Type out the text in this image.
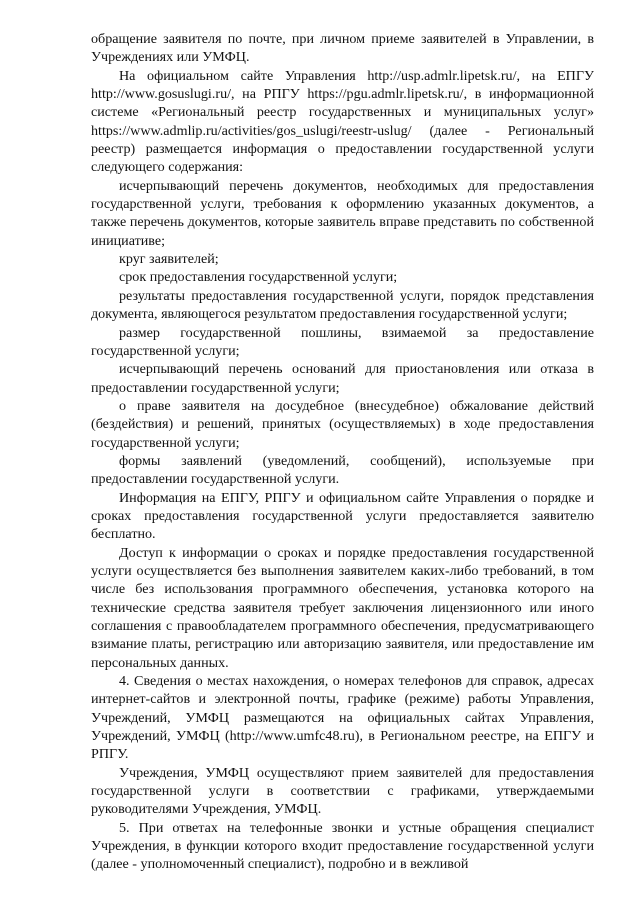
обращение заявителя по почте, при личном приеме заявителей в Управлении, в Учреждениях или УМФЦ.

На официальном сайте Управления http://usp.admlr.lipetsk.ru/, на ЕПГУ http://www.gosuslugi.ru/, на РПГУ https://pgu.admlr.lipetsk.ru/, в информационной системе «Региональный реестр государственных и муниципальных услуг» https://www.admlip.ru/activities/gos_uslugi/reestr-uslug/ (далее - Региональный реестр) размещается информация о предоставлении государственной услуги следующего содержания:

исчерпывающий перечень документов, необходимых для предоставления государственной услуги, требования к оформлению указанных документов, а также перечень документов, которые заявитель вправе представить по собственной инициативе;

круг заявителей;

срок предоставления государственной услуги;

результаты предоставления государственной услуги, порядок представления документа, являющегося результатом предоставления государственной услуги;

размер государственной пошлины, взимаемой за предоставление государственной услуги;

исчерпывающий перечень оснований для приостановления или отказа в предоставлении государственной услуги;

о праве заявителя на досудебное (внесудебное) обжалование действий (бездействия) и решений, принятых (осуществляемых) в ходе предоставления государственной услуги;

формы заявлений (уведомлений, сообщений), используемые при предоставлении государственной услуги.

Информация на ЕПГУ, РПГУ и официальном сайте Управления о порядке и сроках предоставления государственной услуги предоставляется заявителю бесплатно.

Доступ к информации о сроках и порядке предоставления государственной услуги осуществляется без выполнения заявителем каких-либо требований, в том числе без использования программного обеспечения, установка которого на технические средства заявителя требует заключения лицензионного или иного соглашения с правообладателем программного обеспечения, предусматривающего взимание платы, регистрацию или авторизацию заявителя, или предоставление им персональных данных.

4. Сведения о местах нахождения, о номерах телефонов для справок, адресах интернет-сайтов и электронной почты, графике (режиме) работы Управления, Учреждений, УМФЦ размещаются на официальных сайтах Управления, Учреждений, УМФЦ (http://www.umfc48.ru), в Региональном реестре, на ЕПГУ и РПГУ.

Учреждения, УМФЦ осуществляют прием заявителей для предоставления государственной услуги в соответствии с графиками, утверждаемыми руководителями Учреждения, УМФЦ.

5. При ответах на телефонные звонки и устные обращения специалист Учреждения, в функции которого входит предоставление государственной услуги (далее - уполномоченный специалист), подробно и в вежливой
